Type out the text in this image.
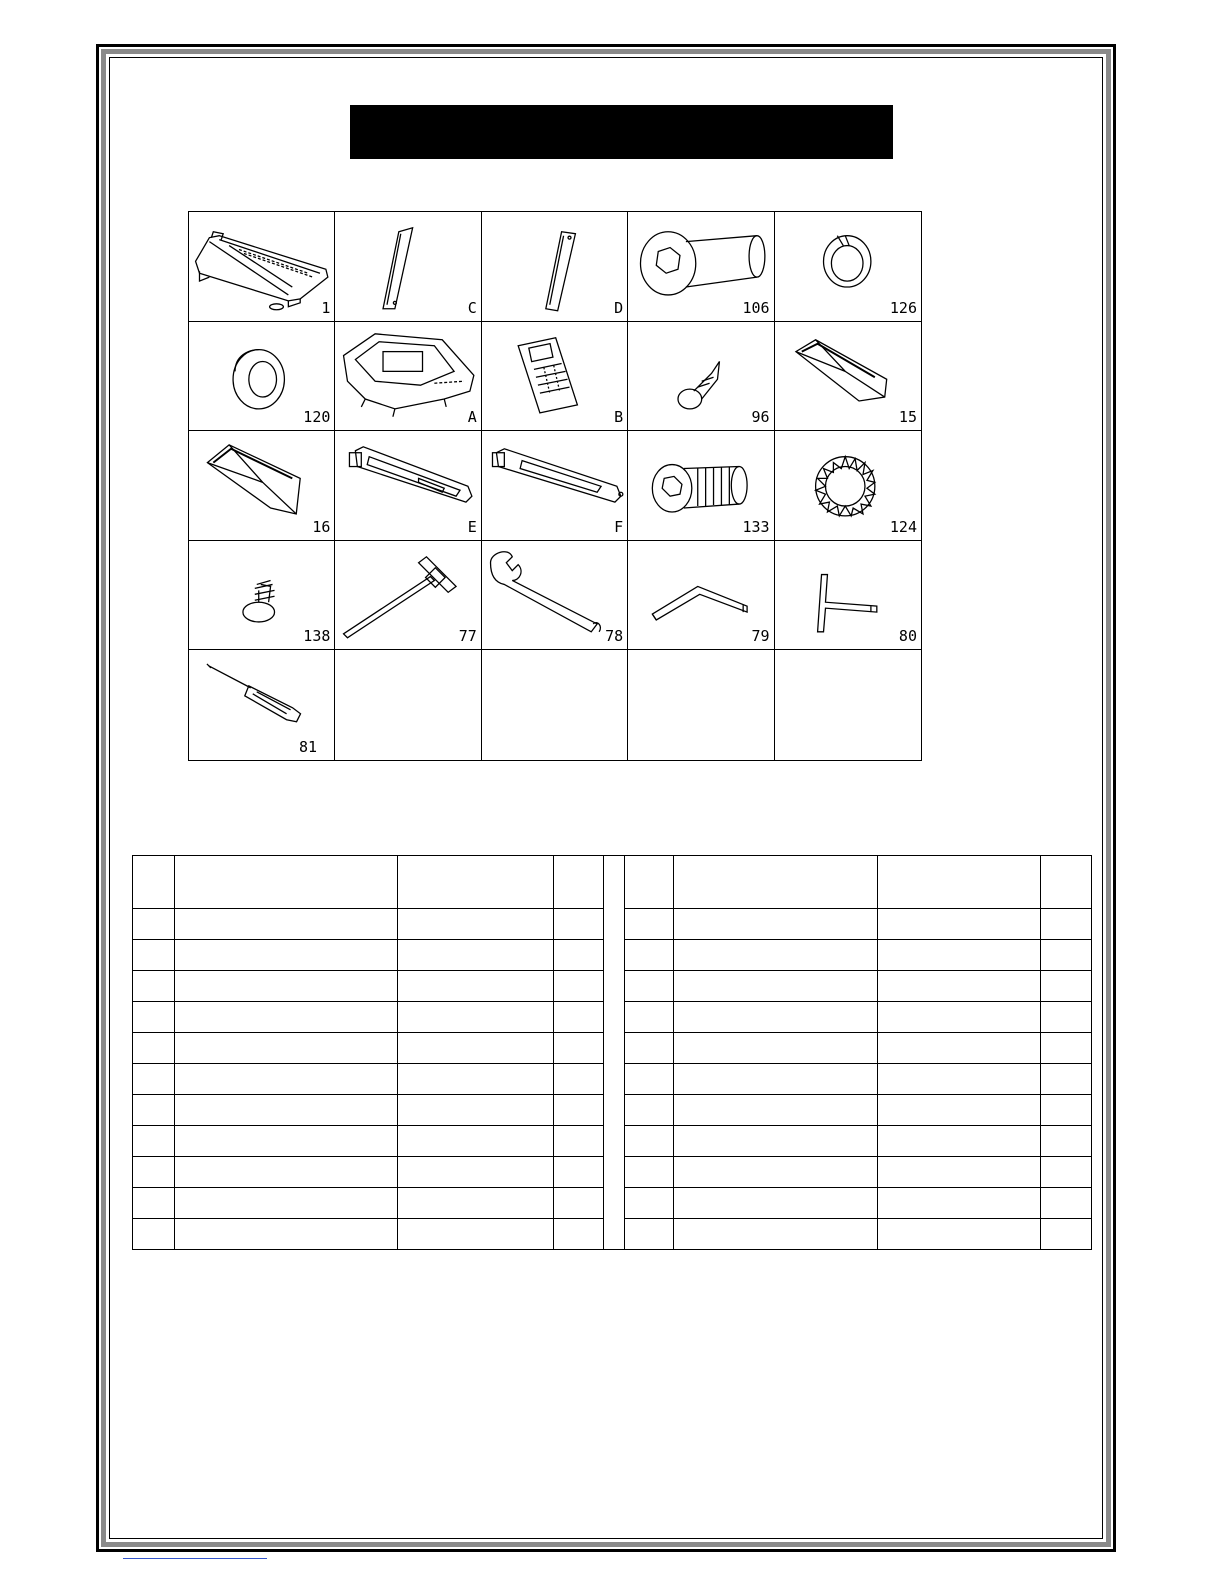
1	C	D	106	126
120	A	B	96	15
16	E	F	133	124
138	77	78	79	80
81
